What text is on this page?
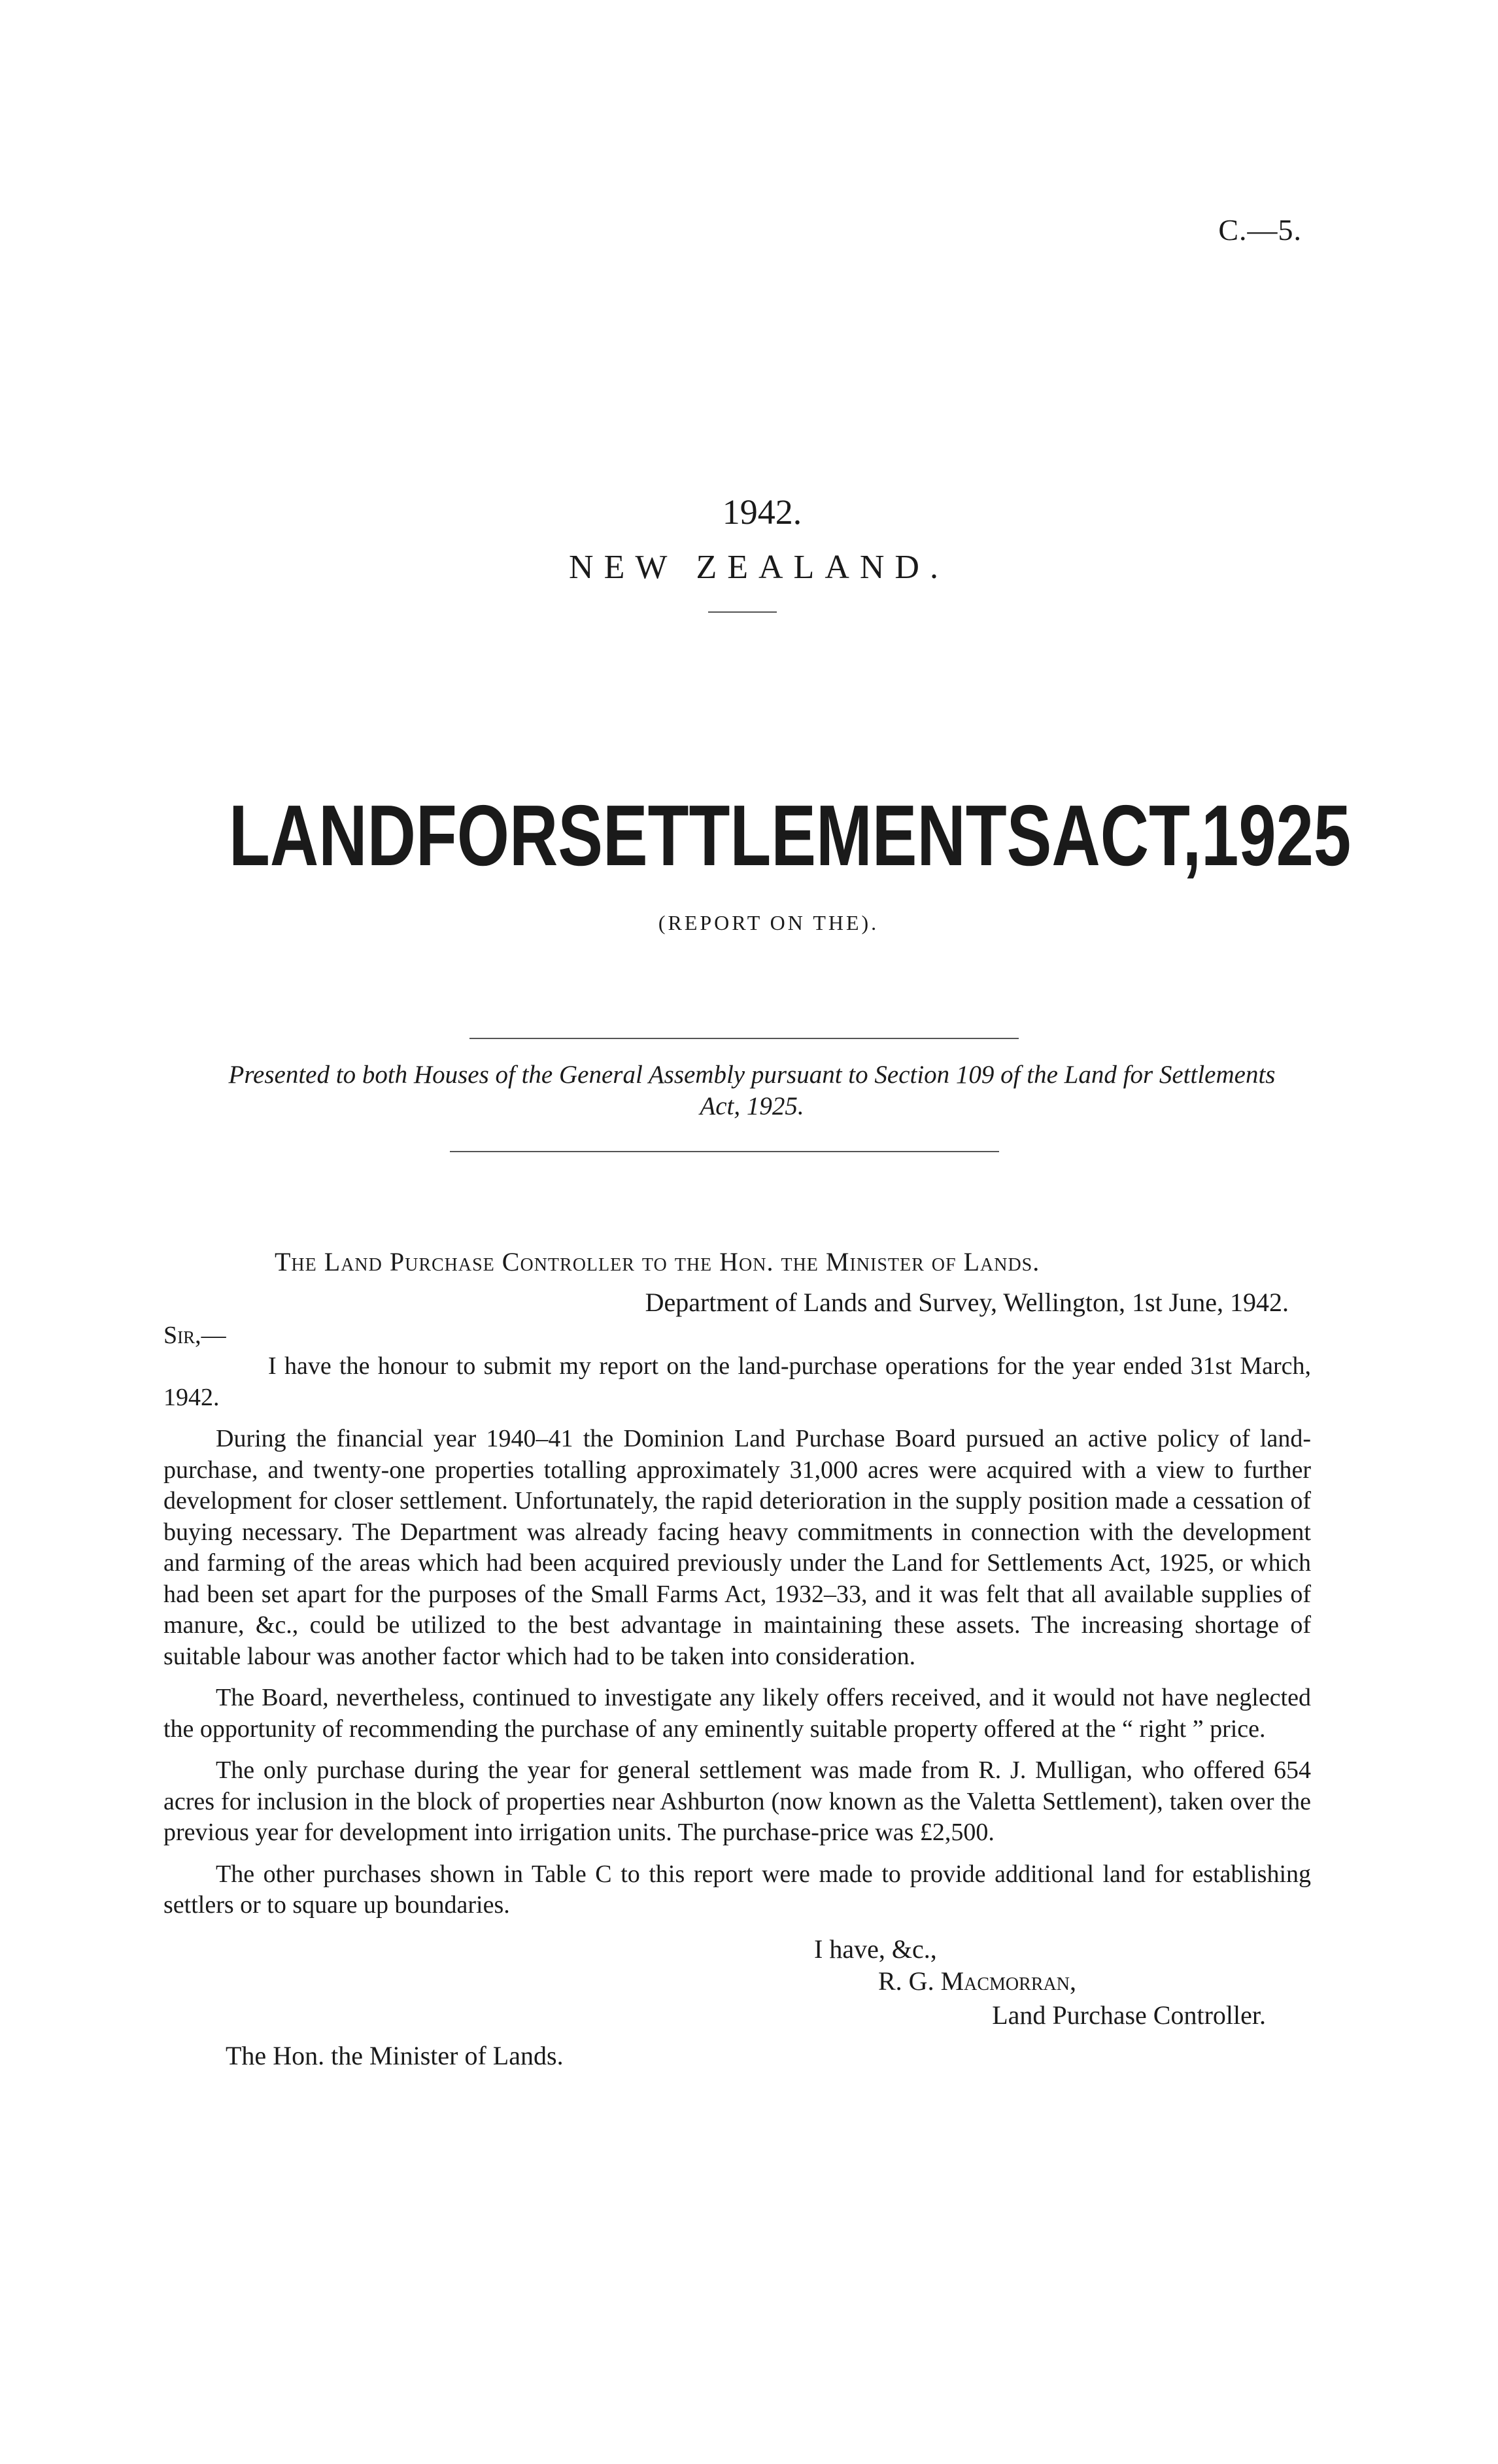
C.—5.
1942.
NEW ZEALAND.
LAND FOR SETTLEMENTS ACT, 1925
(REPORT ON THE).
Presented to both Houses of the General Assembly pursuant to Section 109 of the Land for Settlements Act, 1925.
The Land Purchase Controller to the Hon. the Minister of Lands.
Department of Lands and Survey, Wellington, 1st June, 1942.
Sir,—

I have the honour to submit my report on the land-purchase operations for the year ended 31st March, 1942.

During the financial year 1940–41 the Dominion Land Purchase Board pursued an active policy of land-purchase, and twenty-one properties totalling approximately 31,000 acres were acquired with a view to further development for closer settlement. Unfortunately, the rapid deterioration in the supply position made a cessation of buying necessary. The Department was already facing heavy commitments in connection with the development and farming of the areas which had been acquired previously under the Land for Settlements Act, 1925, or which had been set apart for the purposes of the Small Farms Act, 1932–33, and it was felt that all available supplies of manure, &c., could be utilized to the best advantage in maintaining these assets. The increasing shortage of suitable labour was another factor which had to be taken into consideration.

The Board, nevertheless, continued to investigate any likely offers received, and it would not have neglected the opportunity of recommending the purchase of any eminently suitable property offered at the “ right ” price.

The only purchase during the year for general settlement was made from R. J. Mulligan, who offered 654 acres for inclusion in the block of properties near Ashburton (now known as the Valetta Settlement), taken over the previous year for development into irrigation units. The purchase-price was £2,500.

The other purchases shown in Table C to this report were made to provide additional land for establishing settlers or to square up boundaries.

I have, &c.,
R. G. Macmorran,
Land Purchase Controller.
The Hon. the Minister of Lands.
